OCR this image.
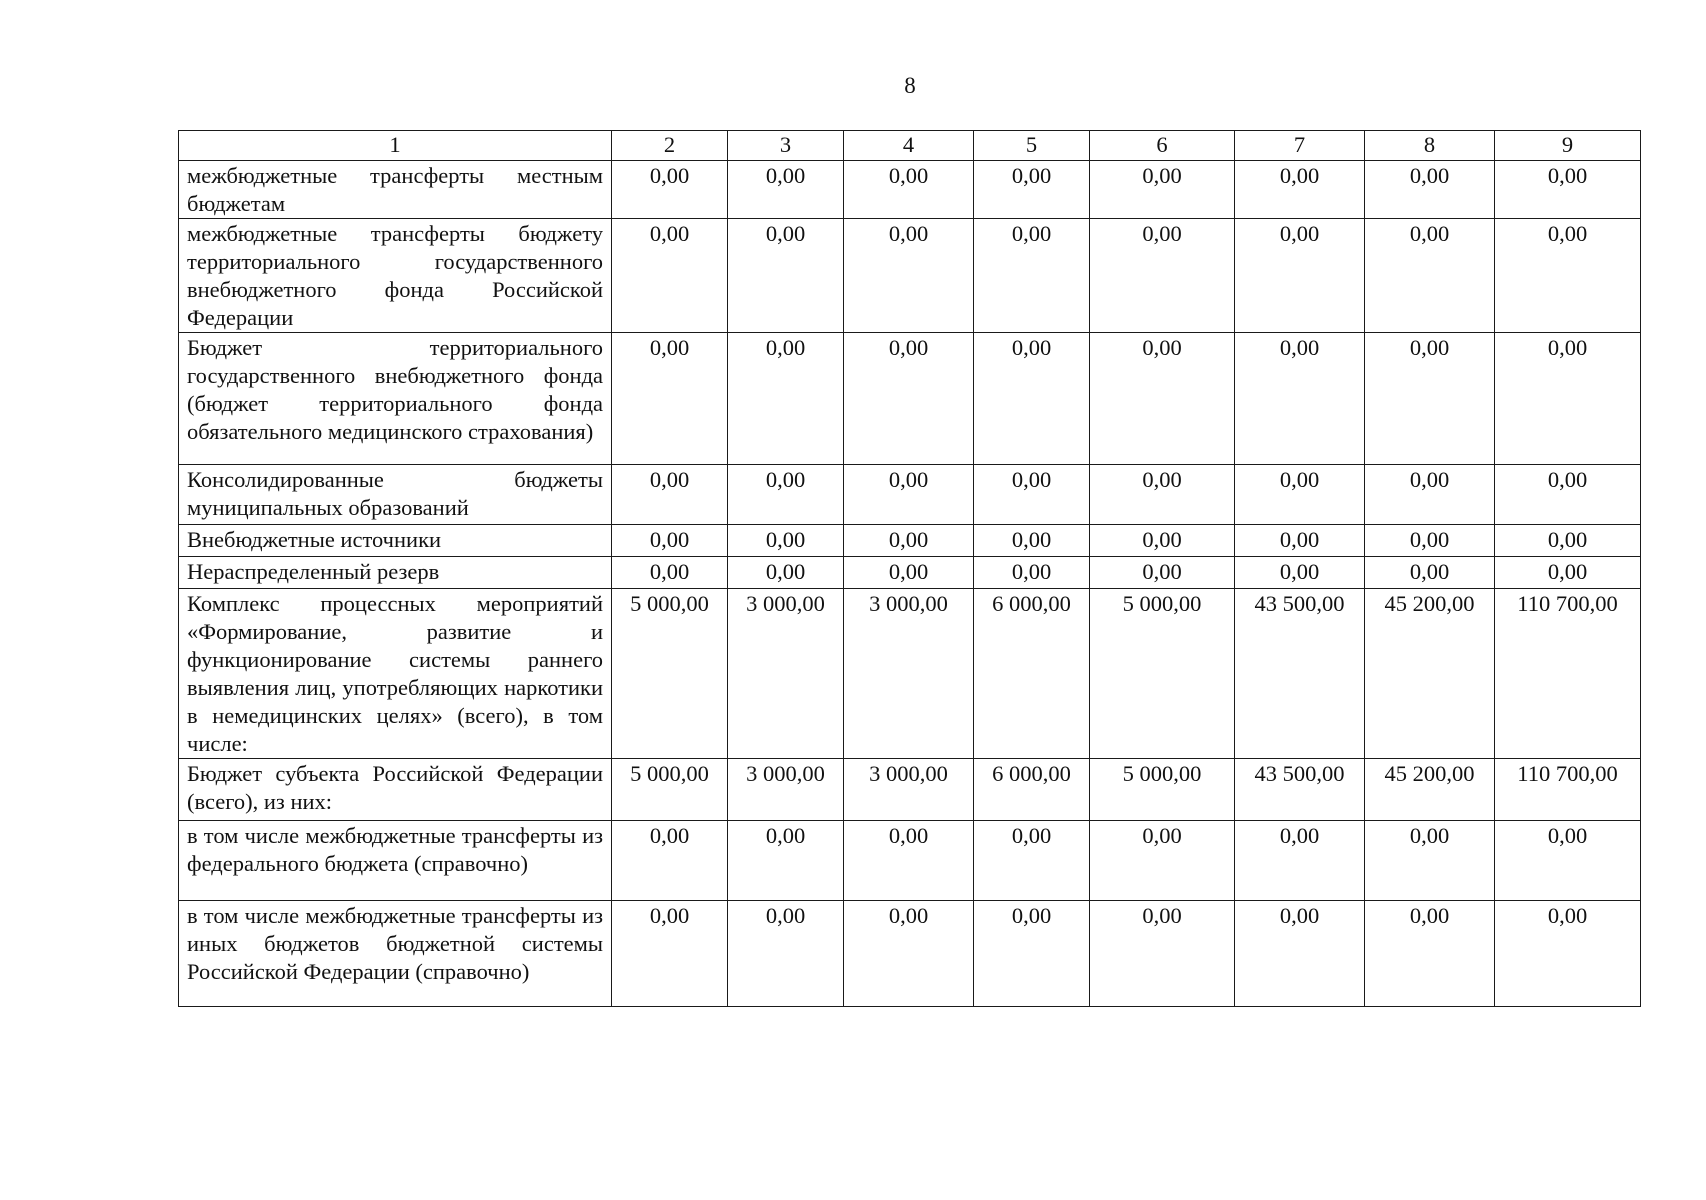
8
1	2	3	4	5	6	7	8	9
межбюджетные трансферты местным бюджетам	0,00	0,00	0,00	0,00	0,00	0,00	0,00	0,00
межбюджетные трансферты бюджету территориального государственного внебюджетного фонда Российской Федерации	0,00	0,00	0,00	0,00	0,00	0,00	0,00	0,00
Бюджет территориального государственного внебюджетного фонда (бюджет территориального фонда обязательного медицинского страхования)	0,00	0,00	0,00	0,00	0,00	0,00	0,00	0,00
Консолидированные бюджеты муниципальных образований	0,00	0,00	0,00	0,00	0,00	0,00	0,00	0,00
Внебюджетные источники	0,00	0,00	0,00	0,00	0,00	0,00	0,00	0,00
Нераспределенный резерв	0,00	0,00	0,00	0,00	0,00	0,00	0,00	0,00
Комплекс процессных мероприятий «Формирование, развитие и функционирование системы раннего выявления лиц, употребляющих наркотики в немедицинских целях» (всего), в том числе:	5 000,00	3 000,00	3 000,00	6 000,00	5 000,00	43 500,00	45 200,00	110 700,00
Бюджет субъекта Российской Федерации (всего), из них:	5 000,00	3 000,00	3 000,00	6 000,00	5 000,00	43 500,00	45 200,00	110 700,00
в том числе межбюджетные трансферты из федерального бюджета (справочно)	0,00	0,00	0,00	0,00	0,00	0,00	0,00	0,00
в том числе межбюджетные трансферты из иных бюджетов бюджетной системы Российской Федерации (справочно)	0,00	0,00	0,00	0,00	0,00	0,00	0,00	0,00
